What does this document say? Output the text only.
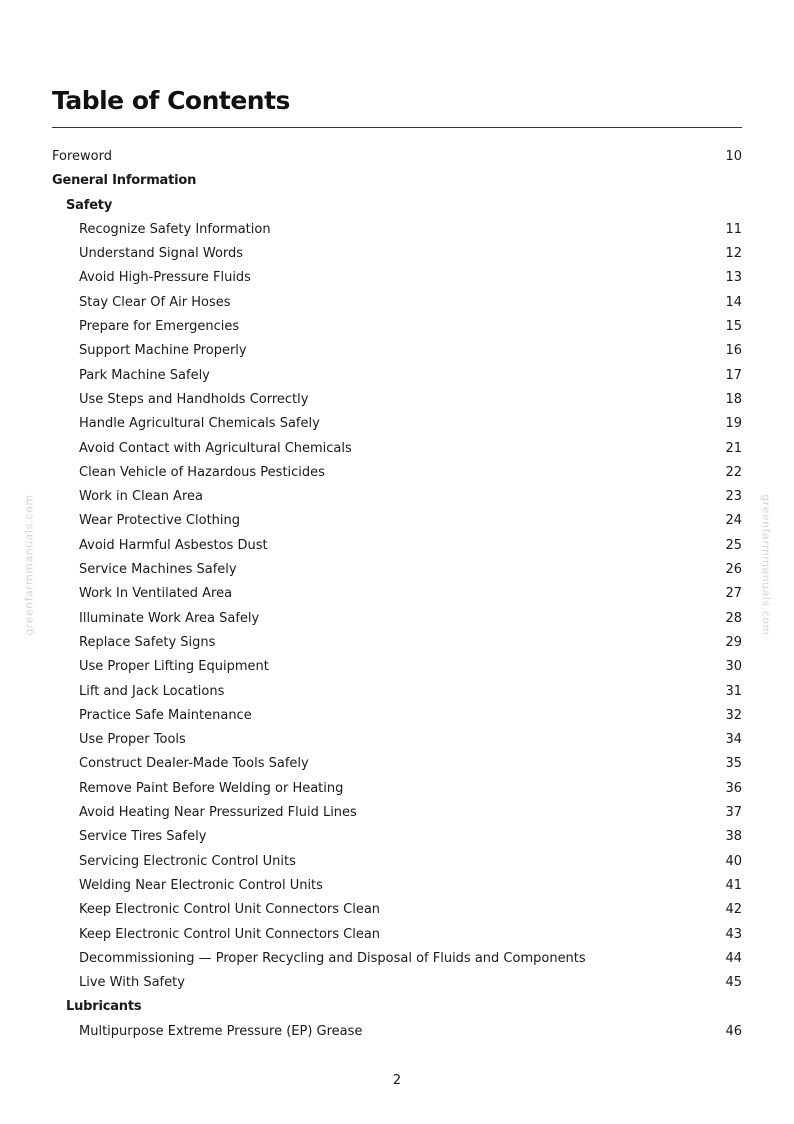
Table of Contents
Foreword	10
General Information
Safety
Recognize Safety Information	11
Understand Signal Words	12
Avoid High-Pressure Fluids	13
Stay Clear Of Air Hoses	14
Prepare for Emergencies	15
Support Machine Properly	16
Park Machine Safely	17
Use Steps and Handholds Correctly	18
Handle Agricultural Chemicals Safely	19
Avoid Contact with Agricultural Chemicals	21
Clean Vehicle of Hazardous Pesticides	22
Work in Clean Area	23
Wear Protective Clothing	24
Avoid Harmful Asbestos Dust	25
Service Machines Safely	26
Work In Ventilated Area	27
Illuminate Work Area Safely	28
Replace Safety Signs	29
Use Proper Lifting Equipment	30
Lift and Jack Locations	31
Practice Safe Maintenance	32
Use Proper Tools	34
Construct Dealer-Made Tools Safely	35
Remove Paint Before Welding or Heating	36
Avoid Heating Near Pressurized Fluid Lines	37
Service Tires Safely	38
Servicing Electronic Control Units	40
Welding Near Electronic Control Units	41
Keep Electronic Control Unit Connectors Clean	42
Keep Electronic Control Unit Connectors Clean	43
Decommissioning — Proper Recycling and Disposal of Fluids and Components	44
Live With Safety	45
Lubricants
Multipurpose Extreme Pressure (EP) Grease	46
greenfarmmanuals.com	greenfarmmanuals.com
2
